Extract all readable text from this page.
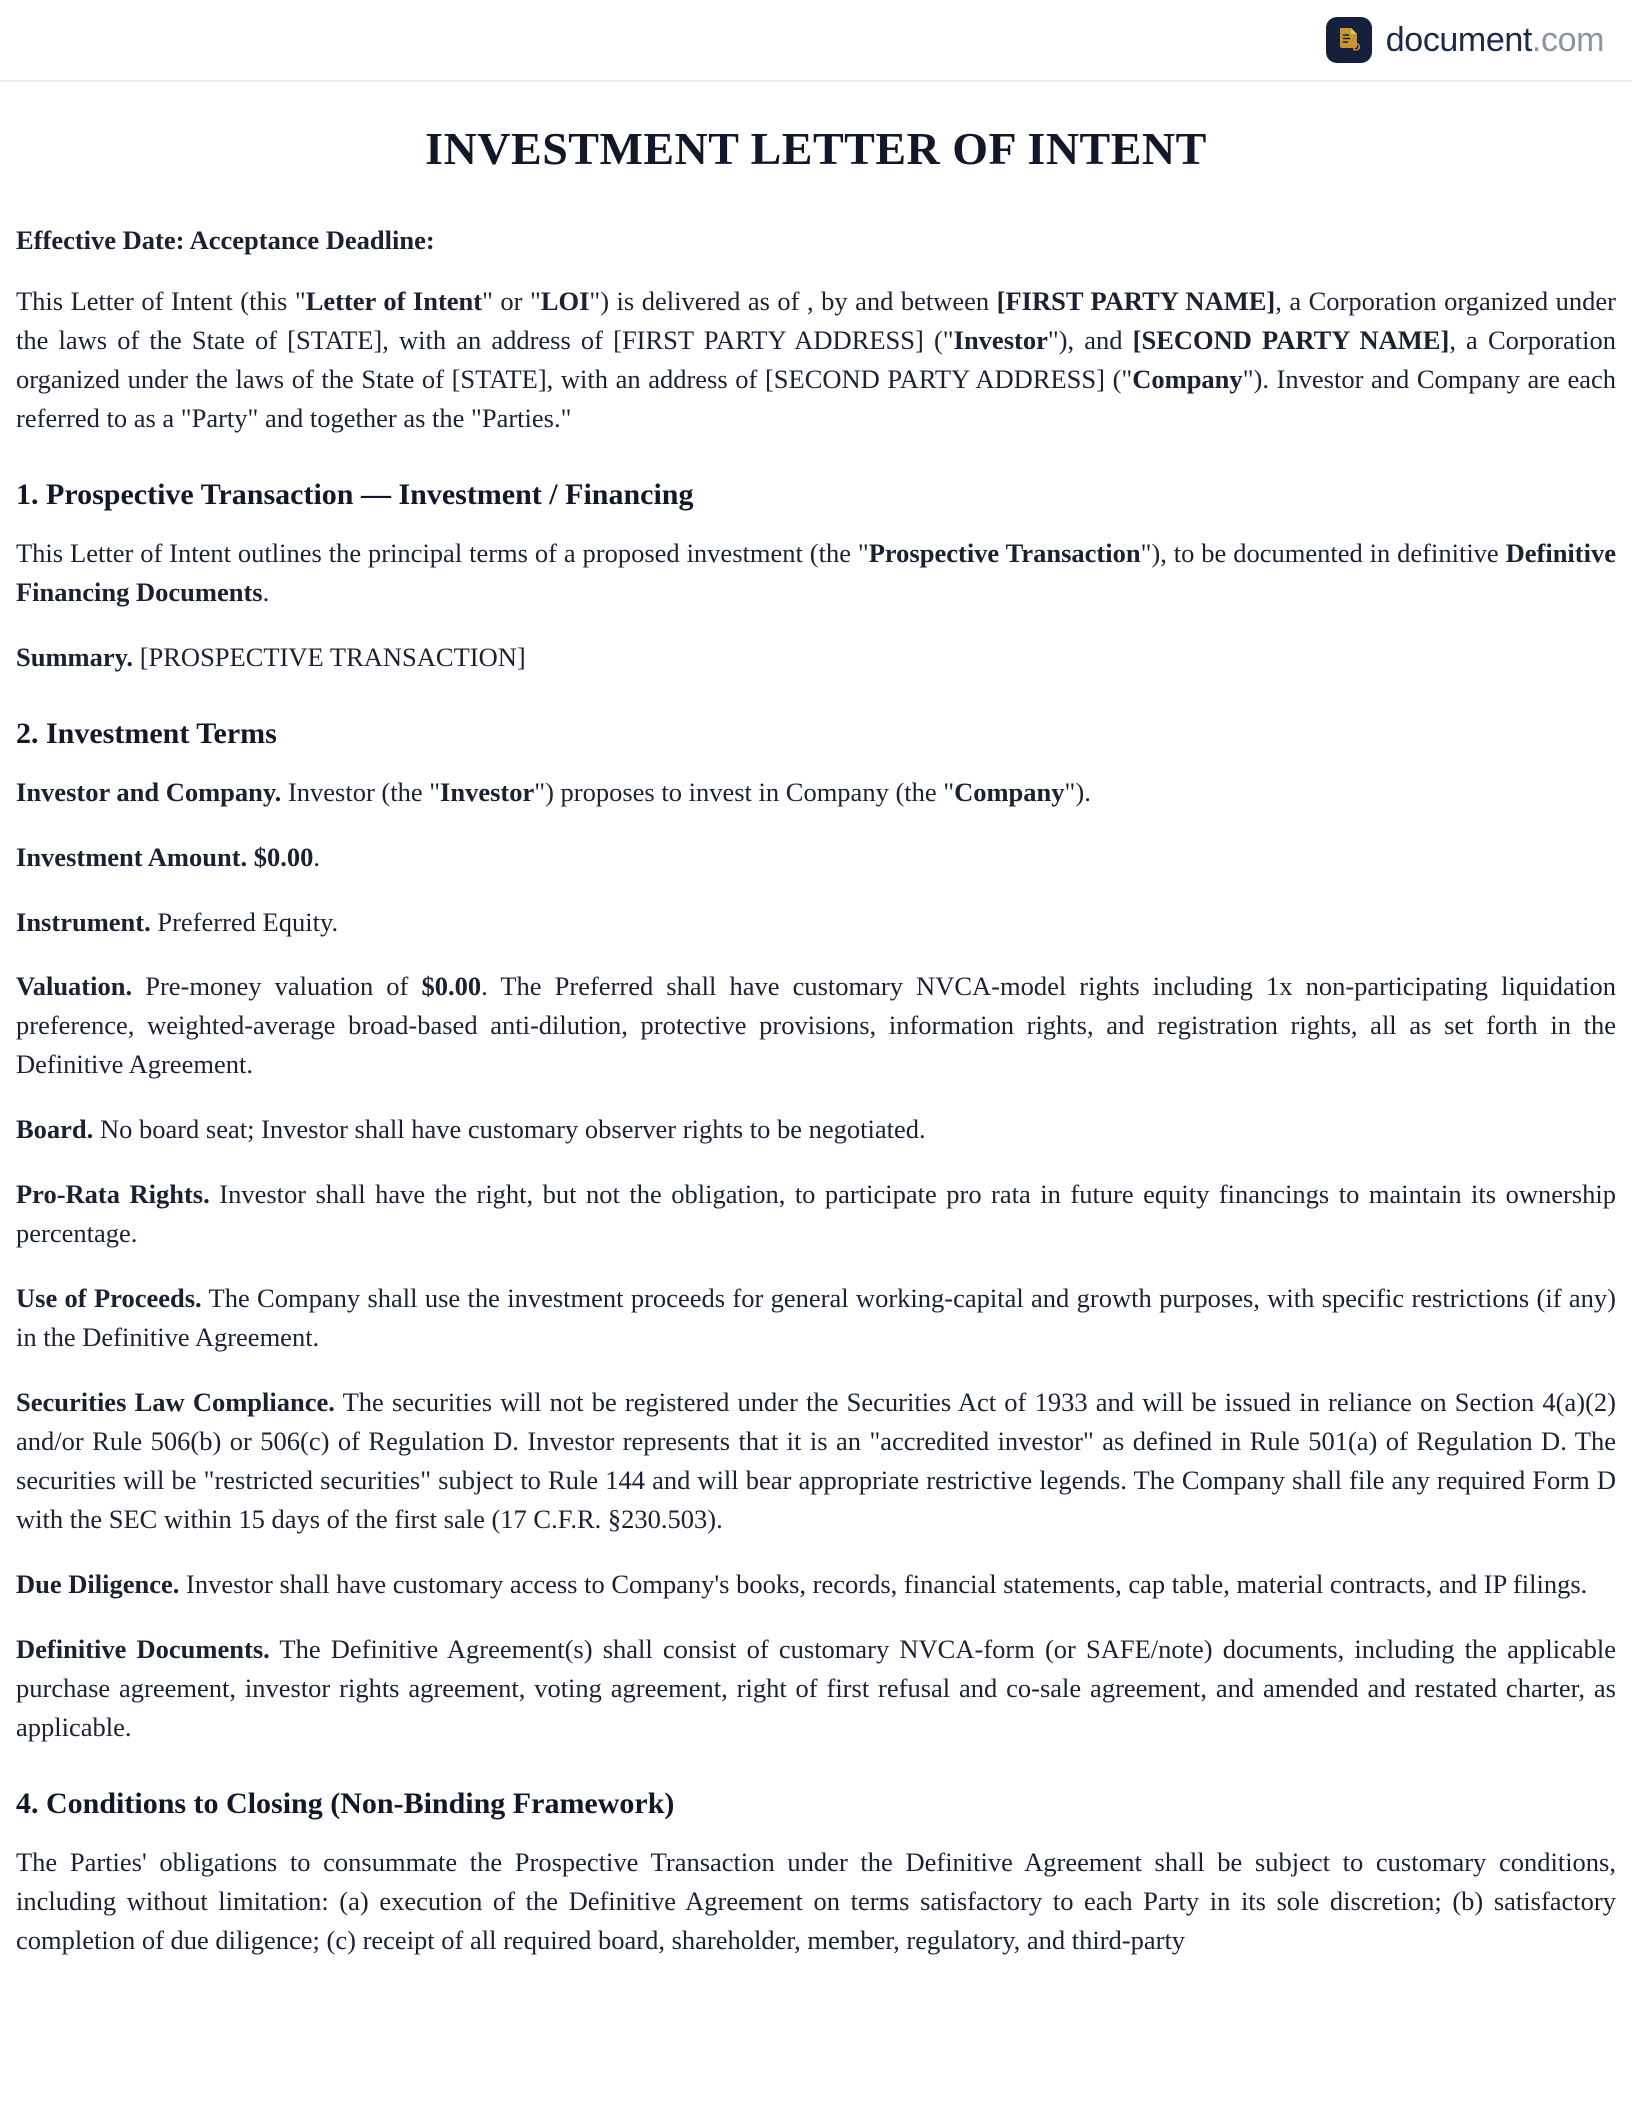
D document.com
INVESTMENT LETTER OF INTENT

Effective Date: Acceptance Deadline:

This Letter of Intent (this "Letter of Intent" or "LOI") is delivered as of , by and between [FIRST PARTY NAME], a Corporation organized under the laws of the State of [STATE], with an address of [FIRST PARTY ADDRESS] ("Investor"), and [SECOND PARTY NAME], a Corporation organized under the laws of the State of [STATE], with an address of [SECOND PARTY ADDRESS] ("Company"). Investor and Company are each referred to as a "Party" and together as the "Parties."

1. Prospective Transaction — Investment / Financing

This Letter of Intent outlines the principal terms of a proposed investment (the "Prospective Transaction"), to be documented in definitive Definitive Financing Documents.

Summary. [PROSPECTIVE TRANSACTION]

2. Investment Terms

Investor and Company. Investor (the "Investor") proposes to invest in Company (the "Company").

Investment Amount. $0.00.

Instrument. Preferred Equity.

Valuation. Pre-money valuation of $0.00. The Preferred shall have customary NVCA-model rights including 1x non-participating liquidation preference, weighted-average broad-based anti-dilution, protective provisions, information rights, and registration rights, all as set forth in the Definitive Agreement.

Board. No board seat; Investor shall have customary observer rights to be negotiated.

Pro-Rata Rights. Investor shall have the right, but not the obligation, to participate pro rata in future equity financings to maintain its ownership percentage.

Use of Proceeds. The Company shall use the investment proceeds for general working-capital and growth purposes, with specific restrictions (if any) in the Definitive Agreement.

Securities Law Compliance. The securities will not be registered under the Securities Act of 1933 and will be issued in reliance on Section 4(a)(2) and/or Rule 506(b) or 506(c) of Regulation D. Investor represents that it is an "accredited investor" as defined in Rule 501(a) of Regulation D. The securities will be "restricted securities" subject to Rule 144 and will bear appropriate restrictive legends. The Company shall file any required Form D with the SEC within 15 days of the first sale (17 C.F.R. §230.503).

Due Diligence. Investor shall have customary access to Company's books, records, financial statements, cap table, material contracts, and IP filings.

Definitive Documents. The Definitive Agreement(s) shall consist of customary NVCA-form (or SAFE/note) documents, including the applicable purchase agreement, investor rights agreement, voting agreement, right of first refusal and co-sale agreement, and amended and restated charter, as applicable.

4. Conditions to Closing (Non-Binding Framework)

The Parties' obligations to consummate the Prospective Transaction under the Definitive Agreement shall be subject to customary conditions, including without limitation: (a) execution of the Definitive Agreement on terms satisfactory to each Party in its sole discretion; (b) satisfactory completion of due diligence; (c) receipt of all required board, shareholder, member, regulatory, and third-party
